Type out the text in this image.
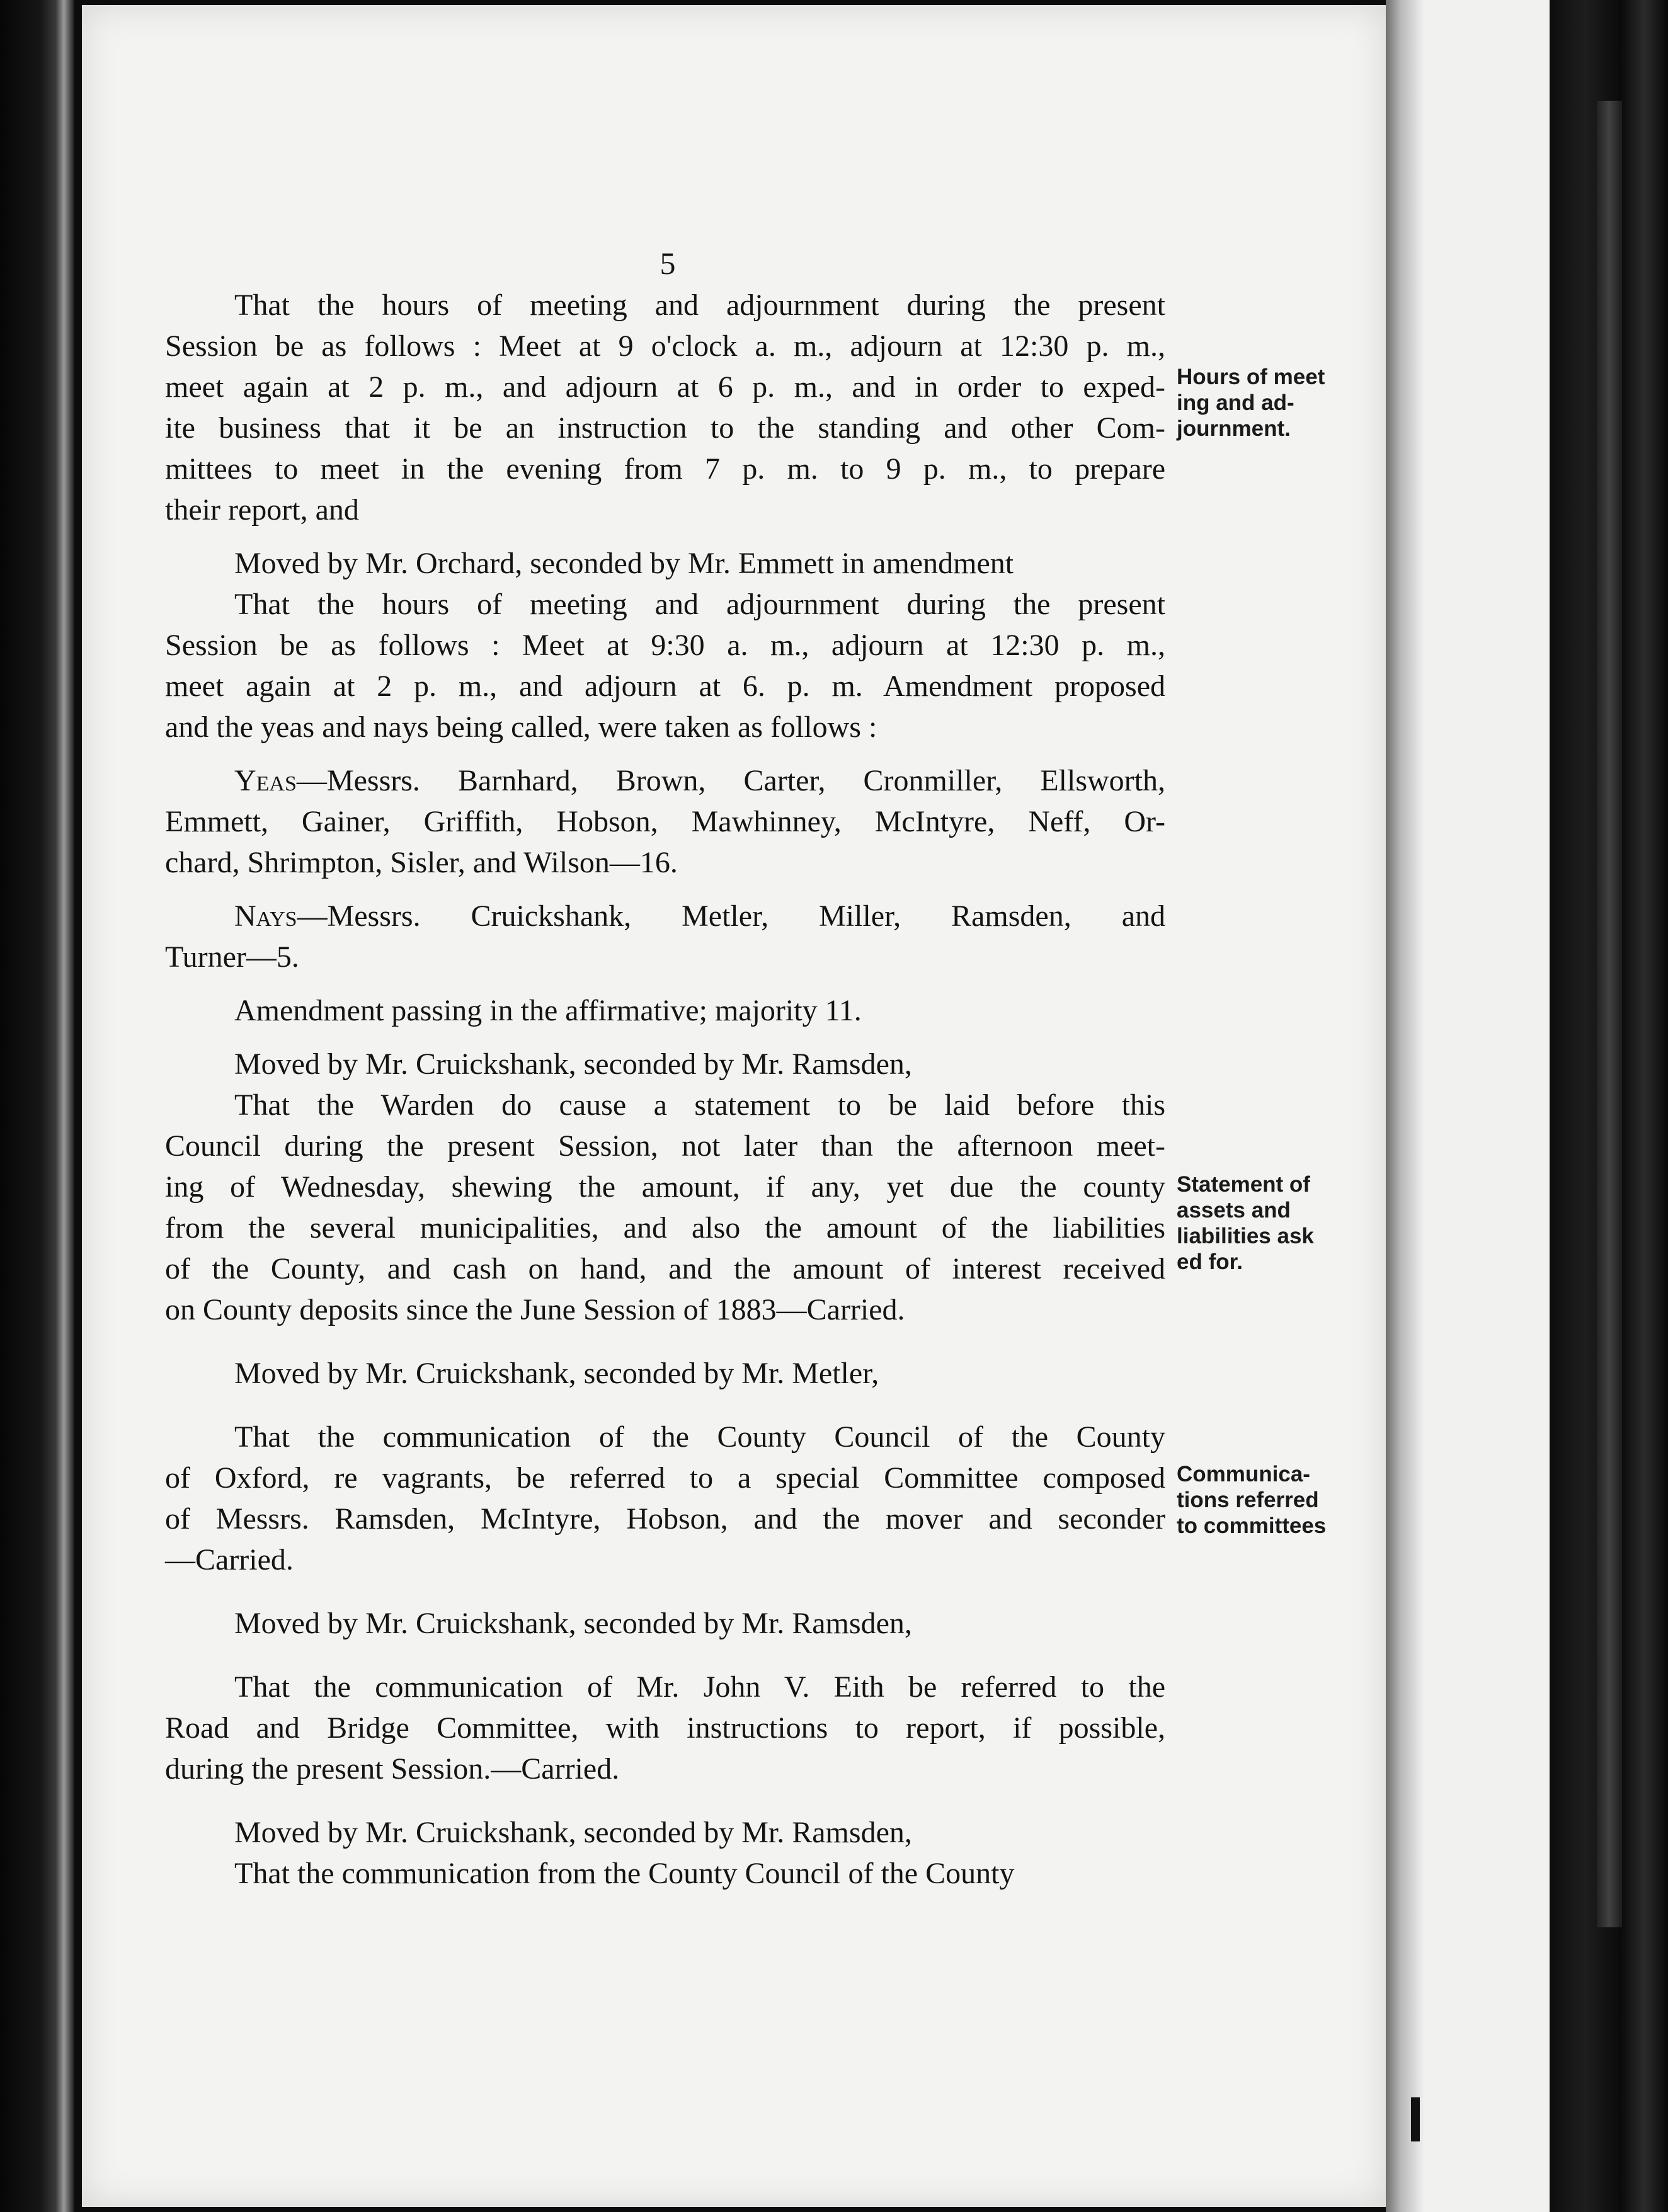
5
That the hours of meeting and adjournment during the present
Session be as follows : Meet at 9 o'clock a. m., adjourn at 12:30 p. m.,
meet again at 2 p. m., and adjourn at 6 p. m., and in order to exped-
ite business that it be an instruction to the standing and other Com-
mittees to meet in the evening from 7 p. m. to 9 p. m., to prepare
their report, and
Moved by Mr. Orchard, seconded by Mr. Emmett in amendment
That the hours of meeting and adjournment during the present
Session be as follows : Meet at 9:30 a. m., adjourn at 12:30 p. m.,
meet again at 2 p. m., and adjourn at 6. p. m. Amendment proposed
and the yeas and nays being called, were taken as follows :
Yeas—Messrs. Barnhard, Brown, Carter, Cronmiller, Ellsworth,
Emmett, Gainer, Griffith, Hobson, Mawhinney, McIntyre, Neff, Or-
chard, Shrimpton, Sisler, and Wilson—16.
Nays—Messrs. Cruickshank, Metler, Miller, Ramsden, and
Turner—5.
Amendment passing in the affirmative; majority 11.
Moved by Mr. Cruickshank, seconded by Mr. Ramsden,
That the Warden do cause a statement to be laid before this
Council during the present Session, not later than the afternoon meet-
ing of Wednesday, shewing the amount, if any, yet due the county
from the several municipalities, and also the amount of the liabilities
of the County, and cash on hand, and the amount of interest received
on County deposits since the June Session of 1883—Carried.
Moved by Mr. Cruickshank, seconded by Mr. Metler,
That the communication of the County Council of the County
of Oxford, re vagrants, be referred to a special Committee composed
of Messrs. Ramsden, McIntyre, Hobson, and the mover and seconder
—Carried.
Moved by Mr. Cruickshank, seconded by Mr. Ramsden,
That the communication of Mr. John V. Eith be referred to the
Road and Bridge Committee, with instructions to report, if possible,
during the present Session.—Carried.
Moved by Mr. Cruickshank, seconded by Mr. Ramsden,
That the communication from the County Council of the County
Hours of meet
ing and ad-
journment.
Statement of
assets and
liabilities ask
ed for.
Communica-
tions referred
to committees
